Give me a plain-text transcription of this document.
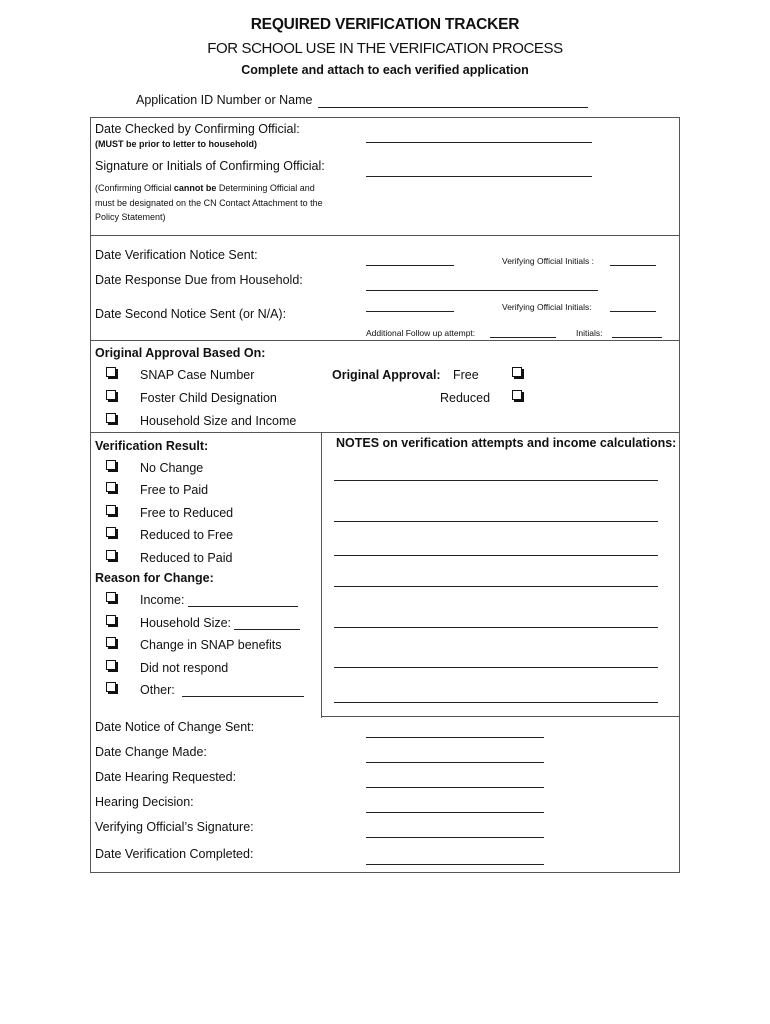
REQUIRED VERIFICATION TRACKER
FOR SCHOOL USE IN THE VERIFICATION PROCESS
Complete and attach to each verified application
Application ID Number or Name
Date Checked by Confirming Official:
(MUST be prior to letter to household)
Signature or Initials of Confirming Official:
(Confirming Official cannot be Determining Official and
must be designated on the CN Contact Attachment to the
Policy Statement)
Date Verification Notice Sent:	Verifying Official Initials :
Date Response Due from Household:
Verifying Official Initials:
Date Second Notice Sent (or N/A):
Additional Follow up attempt:	Initials:
Original Approval Based On:
SNAP Case Number
Foster Child Designation
Household Size and Income
Original Approval: Free
Reduced
Verification Result:
No Change
Free to Paid
Free to Reduced
Reduced to Free
Reduced to Paid
Reason for Change:
Income:
Household Size:
Change in SNAP benefits
Did not respond
Other:
NOTES on verification attempts and income calculations:
Date Notice of Change Sent:
Date Change Made:
Date Hearing Requested:
Hearing Decision:
Verifying Official’s Signature:
Date Verification Completed:
